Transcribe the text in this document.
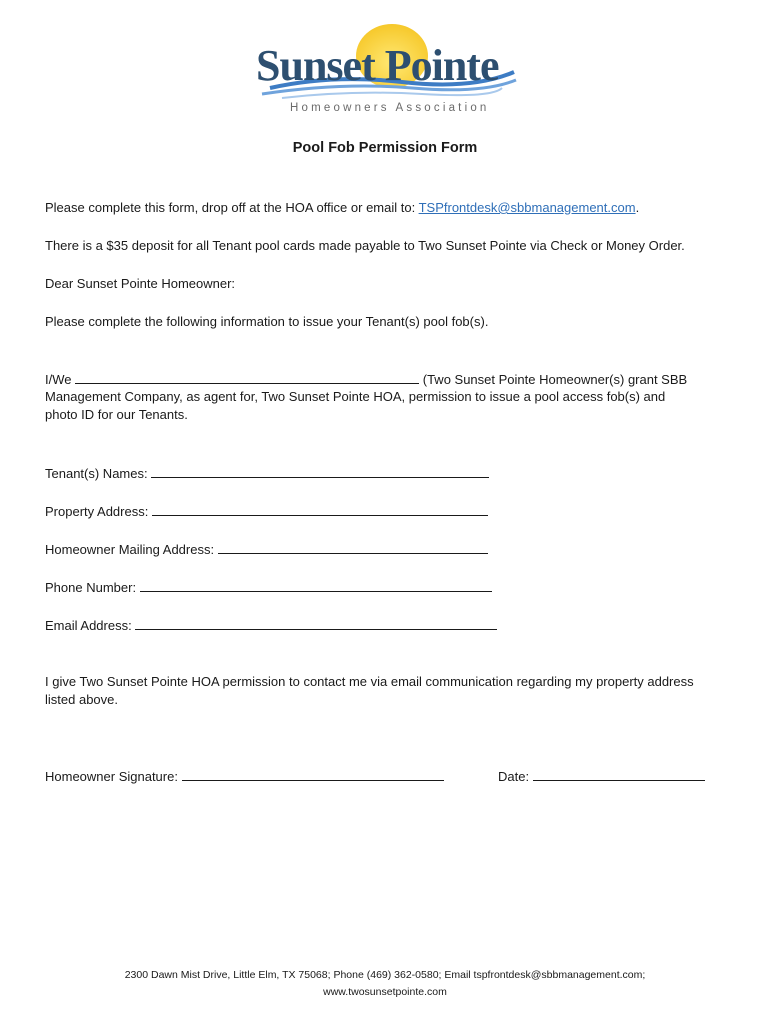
Sunset Pointe
Homeowners Association
Pool Fob Permission Form
Please complete this form, drop off at the HOA office or email to: TSPfrontdesk@sbbmanagement.com.
There is a $35 deposit for all Tenant pool cards made payable to Two Sunset Pointe via Check or Money Order.
Dear Sunset Pointe Homeowner:
Please complete the following information to issue your Tenant(s) pool fob(s).
I/We	(Two Sunset Pointe Homeowner(s) grant SBB
Management Company, as agent for, Two Sunset Pointe HOA, permission to issue a pool access fob(s) and
photo ID for our Tenants.
Tenant(s) Names:
Property Address:
Homeowner Mailing Address:
Phone Number:
Email Address:
I give Two Sunset Pointe HOA permission to contact me via email communication regarding my property address listed above.
Homeowner Signature:	Date:
2300 Dawn Mist Drive, Little Elm, TX 75068; Phone (469) 362-0580; Email tspfrontdesk@sbbmanagement.com;
www.twosunsetpointe.com
